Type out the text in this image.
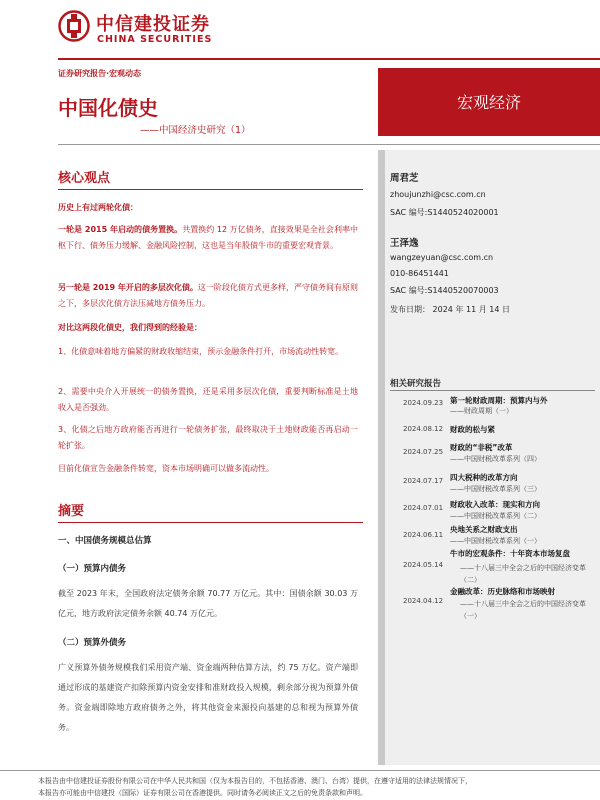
中信建投证券
CHINA SECURITIES
证券研究报告·宏观动态
中国化债史
——中国经济史研究（1）
宏观经济
周君芝
zhoujunzhi@csc.com.cn
SAC 编号:S1440524020001
王泽逸
wangzeyuan@csc.com.cn
010-86451441
SAC 编号:S1440520070003
发布日期： 2024 年 11 月 14 日
相关研究报告
2024.09.23 第一轮财政周期：预算内与外
——财政周期（一）
2024.08.12 财政的松与紧
2024.07.25 财政的“非税”改革
——中国财税改革系列（四）
2024.07.17 四大税种的改革方向
——中国财税改革系列（三）
2024.07.01 财政收入改革：现实和方向
——中国财税改革系列（二）
2024.06.11
央地关系之财政支出
——中国财税改革系列（一）
2024.05.14
牛市的宏观条件：十年资本市场复盘
——十八届三中全会之后的中国经济变革（二）
2024.04.12
金融改革：历史脉络和市场映射
——十八届三中全会之后的中国经济变革（一）
核心观点
历史上有过两轮化债：
一轮是 2015 年启动的债务置换。共置换约 12 万亿债务，直接效果是全社会利率中枢下行、债务压力缓解、金融风险控制，这也是当年股债牛市的重要宏观背景。
另一轮是 2019 年开启的多层次化债。这一阶段化债方式更多样，严守债务间有原则之下，多层次化债方法压减地方债务压力。
对比这两段化债史，我们得到的经验是：
1、化债意味着地方偏紧的财政收缩结束，预示金融条件打开，市场流动性转宽。
2、需要中央介入开展统一的债务置换，还是采用多层次化债，重要判断标准是土地收入是否强劲。
3、化债之后地方政府能否再进行一轮债务扩张，最终取决于土地财政能否再启动一轮扩张。
目前化债宣告金融条件转宽，资本市场明确可以做多流动性。
摘要
一、中国债务规模总估算
（一）预算内债务
截至 2023 年末，全国政府法定债务余额 70.77 万亿元。其中：国债余额 30.03 万亿元，地方政府法定债务余额 40.74 万亿元。
（二）预算外债务
广义预算外债务规模我们采用资产端、资金端两种估算方法，约 75 万亿。资产端即通过形成的基建资产扣除预算内资金安排和准财政投入规模，剩余部分视为预算外债务。资金端即除地方政府债务之外，将其他资金来源投向基建的总和视为预算外债务。
本报告由中信建投证券股份有限公司在中华人民共和国（仅为本报告目的，不包括香港、澳门、台湾）提供，在遵守适用的法律法规情况下，
本报告亦可能由中信建投（国际）证券有限公司在香港提供。同时请务必阅读正文之后的免责条款和声明。
